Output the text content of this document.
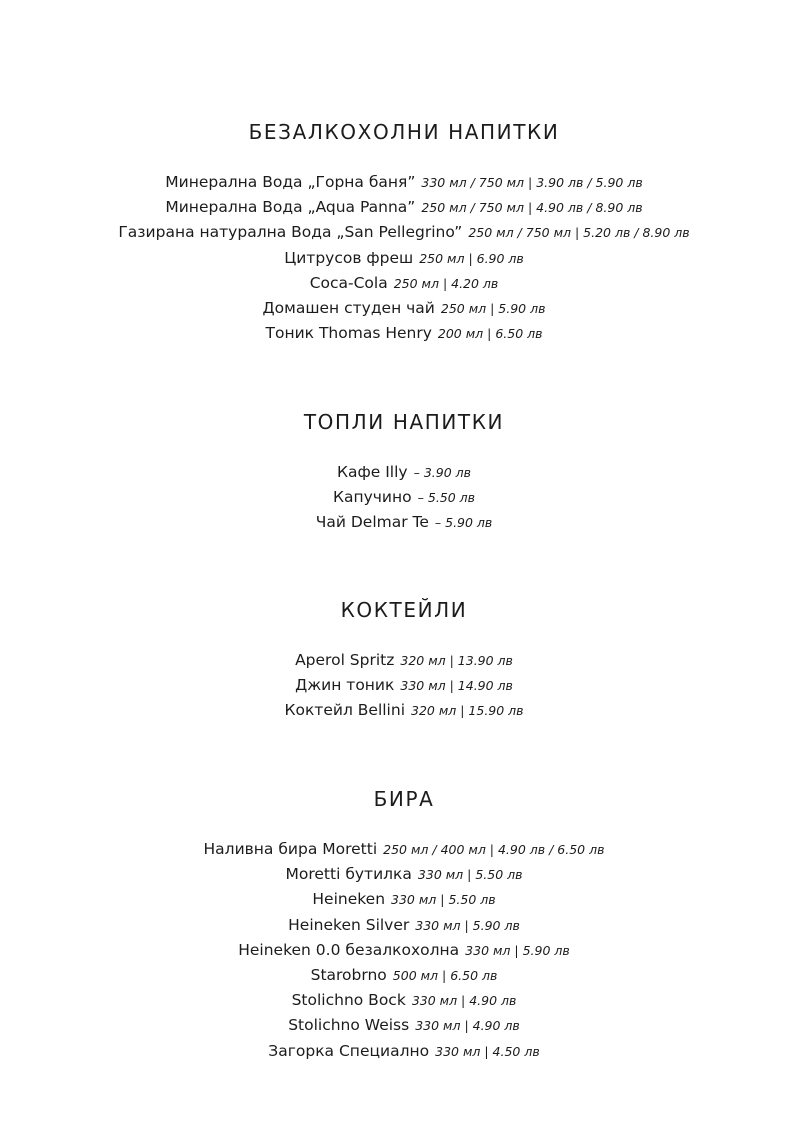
БЕЗАЛКОХОЛНИ НАПИТКИ
Минерална Вода „Горна баня” 330 мл / 750 мл | 3.90 лв / 5.90 лв
Минерална Вода „Aqua Panna” 250 мл / 750 мл | 4.90 лв / 8.90 лв
Газирана натурална Вода „San Pellegrino” 250 мл / 750 мл | 5.20 лв / 8.90 лв
Цитрусов фреш 250 мл | 6.90 лв
Coca-Cola 250 мл | 4.20 лв
Домашен студен чай 250 мл | 5.90 лв
Тоник Thomas Henry 200 мл | 6.50 лв
ТОПЛИ НАПИТКИ
Кафе Illy – 3.90 лв
Капучино – 5.50 лв
Чай Delmar Te – 5.90 лв
КОКТЕЙЛИ
Aperol Spritz 320 мл | 13.90 лв
Джин тоник 330 мл | 14.90 лв
Коктейл Bellini 320 мл | 15.90 лв
БИРА
Наливна бира Moretti 250 мл / 400 мл | 4.90 лв / 6.50 лв
Moretti бутилка 330 мл | 5.50 лв
Heineken 330 мл | 5.50 лв
Heineken Silver 330 мл | 5.90 лв
Heineken 0.0 безалкохолна 330 мл | 5.90 лв
Starobrno 500 мл | 6.50 лв
Stolichno Bock 330 мл | 4.90 лв
Stolichno Weiss 330 мл | 4.90 лв
Загорка Специално 330 мл | 4.50 лв
